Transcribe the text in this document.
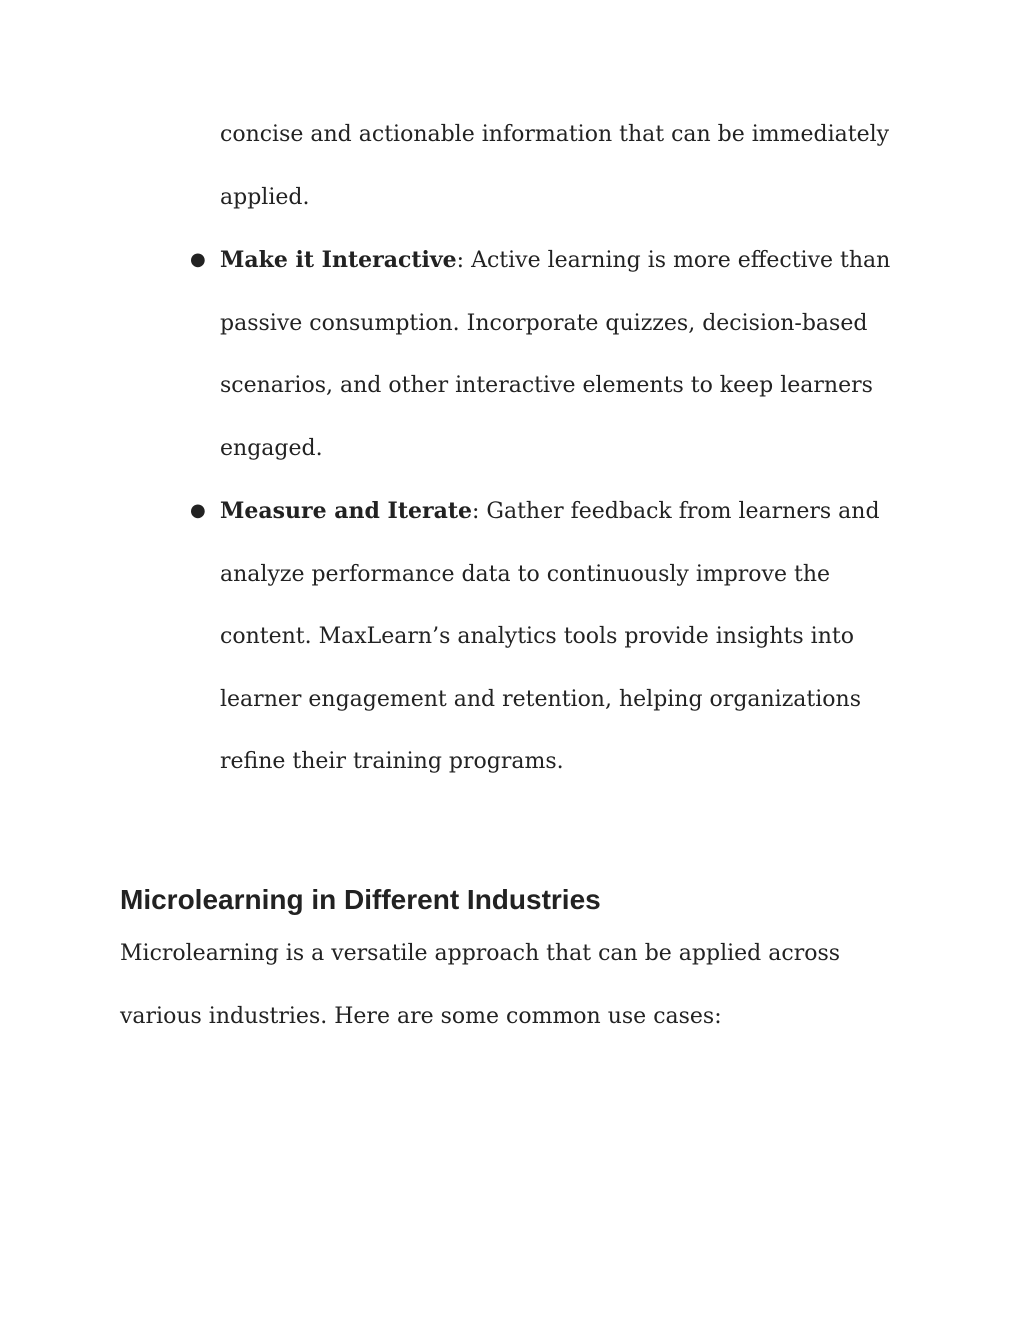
concise and actionable information that can be immediately applied.

● Make it Interactive: Active learning is more effective than passive consumption. Incorporate quizzes, decision-based scenarios, and other interactive elements to keep learners engaged.
● Measure and Iterate: Gather feedback from learners and analyze performance data to continuously improve the content. MaxLearn’s analytics tools provide insights into learner engagement and retention, helping organizations refine their training programs.
Microlearning in Different Industries

Microlearning is a versatile approach that can be applied across various industries. Here are some common use cases:
